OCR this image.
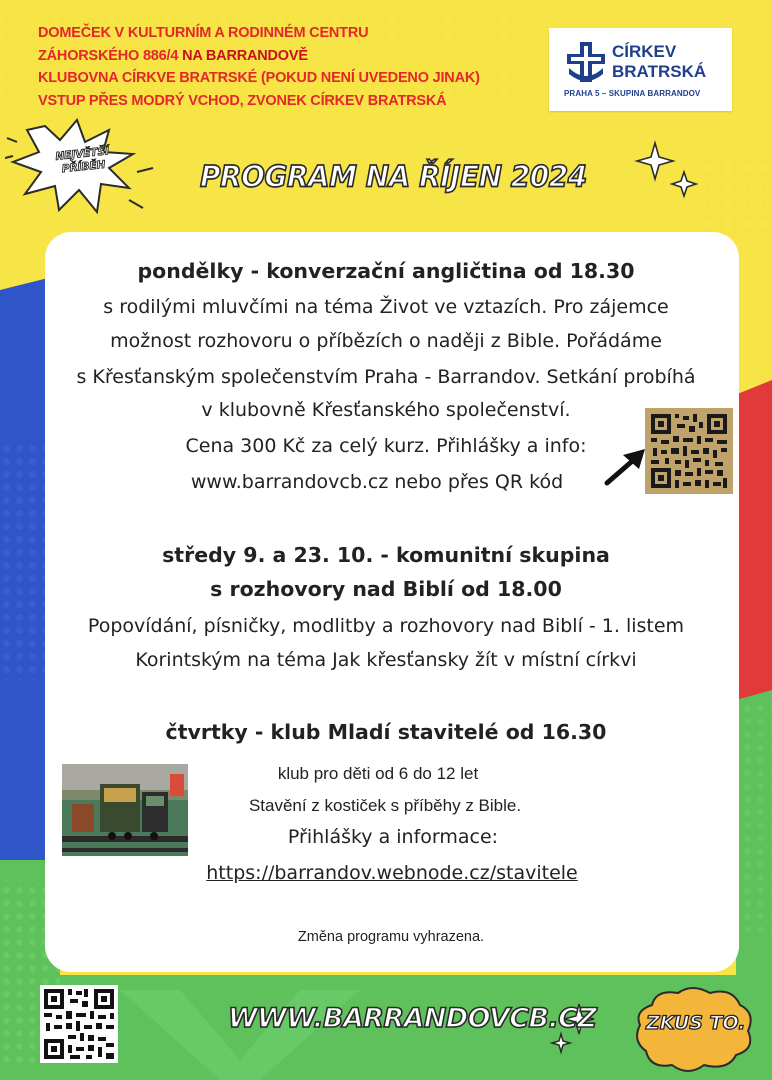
DOMEČEK V KULTURNÍM A RODINNÉM CENTRU
ZÁHORSKÉHO 886/4 NA BARRANDOVĚ
KLUBOVNA CÍRKVE BRATRSKÉ (POKUD NENÍ UVEDENO JINAK)
VSTUP PŘES MODRÝ VCHOD, ZVONEK CÍRKEV BRATRSKÁ
CÍRKEV
BRATRSKÁ
PRAHA 5 – SKUPINA BARRANDOV
NEJVĚTŠÍ
PŘÍBĚH	PROGRAM NA ŘÍJEN 2024
pondělky - konverzační angličtina od 18.30
s rodilými mluvčími na téma Život ve vztazích. Pro zájemce
možnost rozhovoru o příbězích o naději z Bible. Pořádáme
s Křesťanským společenstvím Praha - Barrandov. Setkání probíhá
v klubovně Křesťanského společenství.
Cena 300 Kč za celý kurz. Přihlášky a info:
www.barrandovcb.cz nebo přes QR kód
středy 9. a 23. 10. - komunitní skupina
s rozhovory nad Biblí od 18.00
Popovídání, písničky, modlitby a rozhovory nad Biblí - 1. listem
Korintským na téma Jak křesťansky žít v místní církvi
čtvrtky - klub Mladí stavitelé od 16.30
klub pro děti od 6 do 12 let
Stavění z kostiček s příběhy z Bible.
Přihlášky a informace:
https://barrandov.webnode.cz/stavitele
Změna programu vyhrazena.
WWW.BARRANDOVCB.CZ	ZKUS TO.
